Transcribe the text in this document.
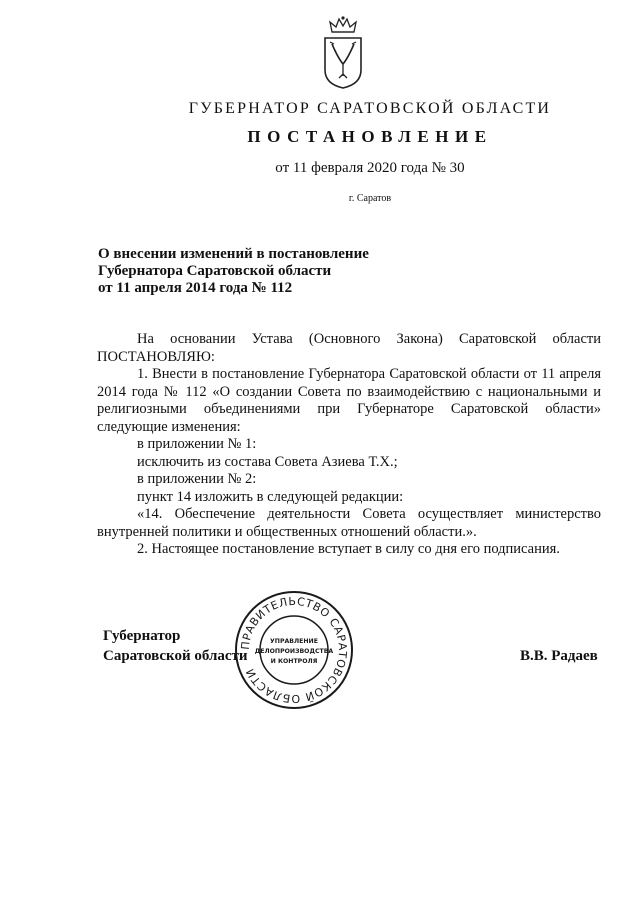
ГУБЕРНАТОР САРАТОВСКОЙ ОБЛАСТИ
ПОСТАНОВЛЕНИЕ
от 11 февраля 2020 года № 30
г. Саратов
О внесении изменений в постановление
Губернатора Саратовской области
от 11 апреля 2014 года № 112

На основании Устава (Основного Закона) Саратовской области ПОСТАНОВЛЯЮ:

1. Внести в постановление Губернатора Саратовской области от 11 апреля 2014 года № 112 «О создании Совета по взаимодействию с национальными и религиозными объединениями при Губернаторе Саратовской области» следующие изменения:

в приложении № 1:

исключить из состава Совета Азиева Т.Х.;

в приложении № 2:

пункт 14 изложить в следующей редакции:

«14. Обеспечение деятельности Совета осуществляет министерство внутренней политики и общественных отношений области.».

2. Настоящее постановление вступает в силу со дня его подписания.

Губернатор
Саратовской области
ПРАВИТЕЛЬСТВО САРАТОВСКОЙ ОБЛАСТИ
УПРАВЛЕНИЕ
ДЕЛОПРОИЗВОДСТВА
И КОНТРОЛЯ	В.В. Радаев
